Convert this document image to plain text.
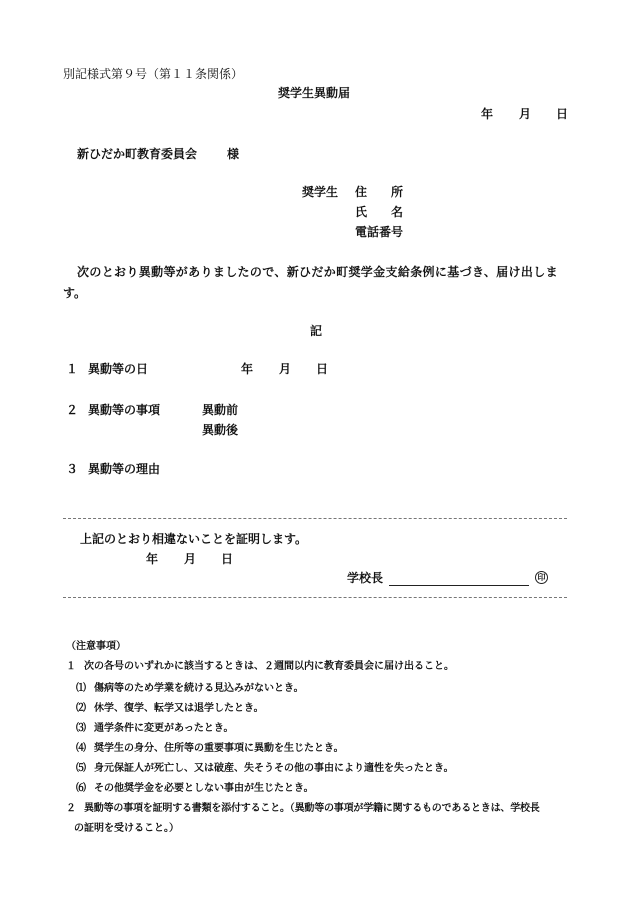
別記様式第９号（第１１条関係）
奨学生異動届
年 月 日
新ひだか町教育委員会 様
奨学生 住 所
氏 名
電話番号
次のとおり異動等がありましたので、新ひだか町奨学金支給条例に基づき、届け出しま
す。
記
１ 異動等の日	年 月 日
２ 異動等の事項	異動前
異動後
３ 異動等の理由
上記のとおり相違ないことを証明します。
年 月 日
学校長	印
（注意事項）
１ 次の各号のいずれかに該当するときは、２週間以内に教育委員会に届け出ること。
⑴ 傷病等のため学業を続ける見込みがないとき。
⑵ 休学、復学、転学又は退学したとき。
⑶ 通学条件に変更があったとき。
⑷ 奨学生の身分、住所等の重要事項に異動を生じたとき。
⑸ 身元保証人が死亡し、又は破産、失そうその他の事由により適性を失ったとき。
⑹ その他奨学金を必要としない事由が生じたとき。
２ 異動等の事項を証明する書類を添付すること。（異動等の事項が学籍に関するものであるときは、学校長
の証明を受けること。）
